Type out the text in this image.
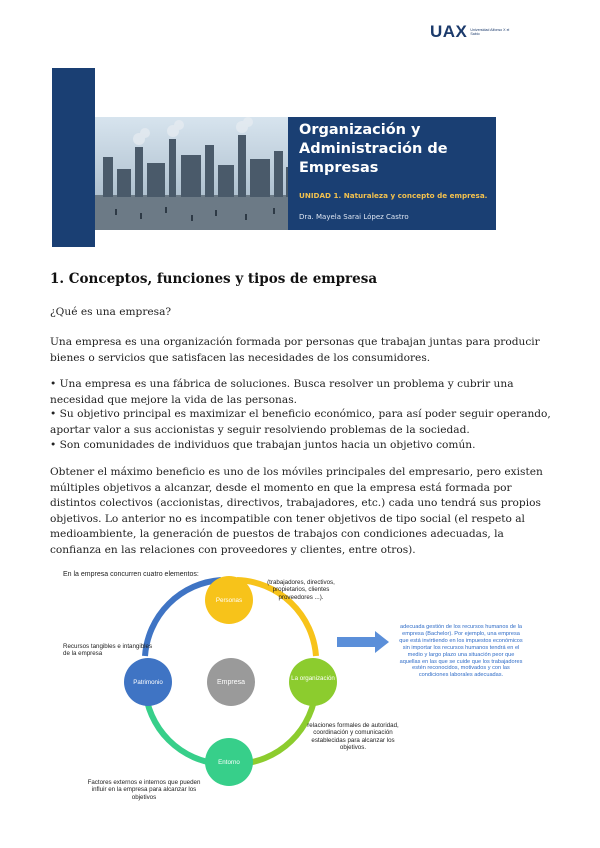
UAX Universidad Alfonso X el Sabio
Organización y
Administración de
Empresas
UNIDAD 1. Naturaleza y concepto de empresa.
Dra. Mayela Sarai López Castro
1. Conceptos, funciones y tipos de empresa

¿Qué es una empresa?

Una empresa es una organización formada por personas que trabajan juntas para producir bienes o servicios que satisfacen las necesidades de los consumidores.

• Una empresa es una fábrica de soluciones. Busca resolver un problema y cubrir una necesidad que mejore la vida de las personas.

• Su objetivo principal es maximizar el beneficio económico, para así poder seguir operando, aportar valor a sus accionistas y seguir resolviendo problemas de la sociedad.

• Son comunidades de individuos que trabajan juntos hacia un objetivo común.

Obtener el máximo beneficio es uno de los móviles principales del empresario, pero existen múltiples objetivos a alcanzar, desde el momento en que la empresa está formada por distintos colectivos (accionistas, directivos, trabajadores, etc.) cada uno tendrá sus propios objetivos. Lo anterior no es incompatible con tener objetivos de tipo social (el respeto al medioambiente, la generación de puestos de trabajos con condiciones adecuadas, la confianza en las relaciones con proveedores y clientes, entre otros).

En la empresa concurren cuatro elementos:
Personas
La organización
Entorno
Patrimonio	Empresa
(trabajadores, directivos, propietarios, clientes proveedores ...).
Recursos tangibles e intangibles de la empresa
relaciones formales de autoridad, coordinación y comunicación establecidas para alcanzar los objetivos.
Factores externos e internos que pueden influir en la empresa para alcanzar los objetivos
adecuada gestión de los recursos humanos de la empresa (Bachelor). Por ejemplo, una empresa que está invirtiendo en los impuestos económicos sin importar los recursos humanos tendrá en el medio y largo plazo una situación peor que aquellas en las que se cuide que los trabajadores estén reconocidos, motivados y con las condiciones laborales adecuadas.
